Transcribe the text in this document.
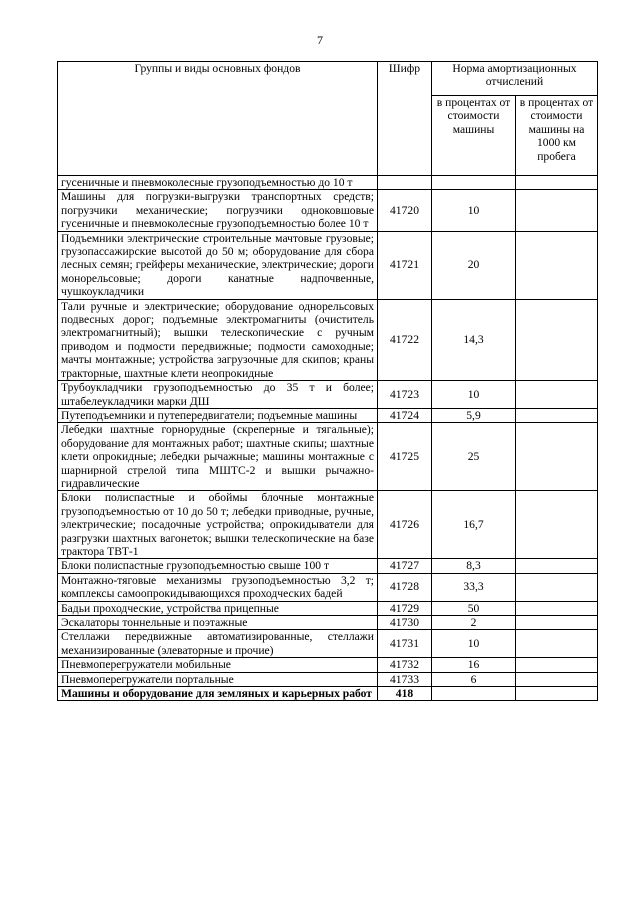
7
Группы и виды основных фондов	Шифр	Норма амортизационных отчислений	
		в процентах от стоимости машины	в процентах от стоимости машины на 1000 км пробега
гусеничные и пневмоколесные грузоподъемностью до 10 т			
Машины для погрузки-выгрузки транспортных средств; погрузчики механические; погрузчики одноковшовые гусеничные и пневмоколесные грузоподъемностью более 10 т	41720	10	
Подъемники электрические строительные мачтовые грузовые; грузопассажирские высотой до 50 м; оборудование для сбора лесных семян; грейферы механические, электрические; дороги монорельсовые; дороги канатные надпочвенные, чушкоукладчики	41721	20	
Тали ручные и электрические; оборудование однорельсовых подвесных дорог; подъемные электромагниты (очиститель электромагнитный); вышки телескопические с ручным приводом и подмости передвижные; подмости самоходные; мачты монтажные; устройства загрузочные для скипов; краны тракторные, шахтные клети неопрокидные	41722	14,3	
Трубоукладчики грузоподъемностью до 35 т и более; штабелеукладчики марки ДШ	41723	10	
Путеподъемники и путепередвигатели; подъемные машины	41724	5,9	
Лебедки шахтные горнорудные (скреперные и тягальные); оборудование для монтажных работ; шахтные скипы; шахтные клети опрокидные; лебедки рычажные; машины монтажные с шарнирной стрелой типа МШТС-2 и вышки рычажно-гидравлические	41725	25	
Блоки полиспастные и обоймы блочные монтажные грузоподъемностью от 10 до 50 т; лебедки приводные, ручные, электрические; посадочные устройства; опрокидыватели для разгрузки шахтных вагонеток; вышки телескопические на базе трактора ТВТ-1	41726	16,7	
Блоки полиспастные грузоподъемностью свыше 100 т	41727	8,3	
Монтажно-тяговые механизмы грузоподъемностью 3,2 т; комплексы самоопрокидывающихся проходческих бадей	41728	33,3	
Бадьи проходческие, устройства прицепные	41729	50	
Эскалаторы тоннельные и поэтажные	41730	2	
Стеллажи передвижные автоматизированные, стеллажи механизированные (элеваторные и прочие)	41731	10	
Пневмоперегружатели мобильные	41732	16	
Пневмоперегружатели портальные	41733	6	
Машины и оборудование для земляных и карьерных работ	418		
